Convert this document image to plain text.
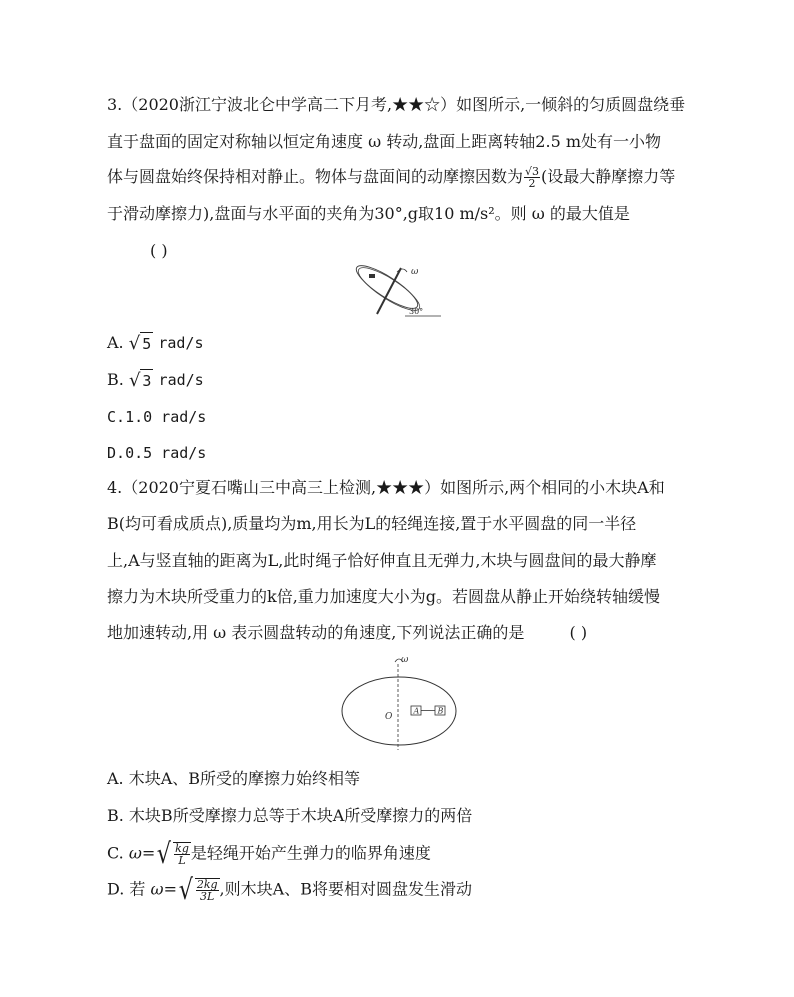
3.（2020浙江宁波北仑中学高二下月考,★★☆）如图所示,一倾斜的匀质圆盘绕垂
直于盘面的固定对称轴以恒定角速度 ω 转动,盘面上距离转轴2.5 m处有一小物
体与圆盘始终保持相对静止。物体与盘面间的动摩擦因数为 $\frac{√3}{2}$ (设最大静摩擦力等
于滑动摩擦力),盘面与水平面的夹角为30°,g取10 m/s²。则 ω 的最大值是
( )
ω
30°
A. √ 5 rad/s
B. √ 3 rad/s
C.1.0 rad/s
D.0.5 rad/s
4.（2020宁夏石嘴山三中高三上检测,★★★）如图所示,两个相同的小木块A和
B(均可看成质点),质量均为m,用长为L的轻绳连接,置于水平圆盘的同一半径
上,A与竖直轴的距离为L,此时绳子恰好伸直且无弹力,木块与圆盘间的最大静摩
擦力为木块所受重力的k倍,重力加速度大小为g。若圆盘从静止开始绕转轴缓慢
地加速转动,用 ω 表示圆盘转动的角速度,下列说法正确的是	( )
ω
O
A B
A. 木块A、B所受的摩擦力始终相等
B. 木块B所受摩擦力总等于木块A所受摩擦力的两倍
C. $\omega=√ \frac{kg}{L}$ 是轻绳开始产生弹力的临界角速度
D. 若 $\omega=√ \frac{2kg}{3L}$ ,则木块A、B将要相对圆盘发生滑动
